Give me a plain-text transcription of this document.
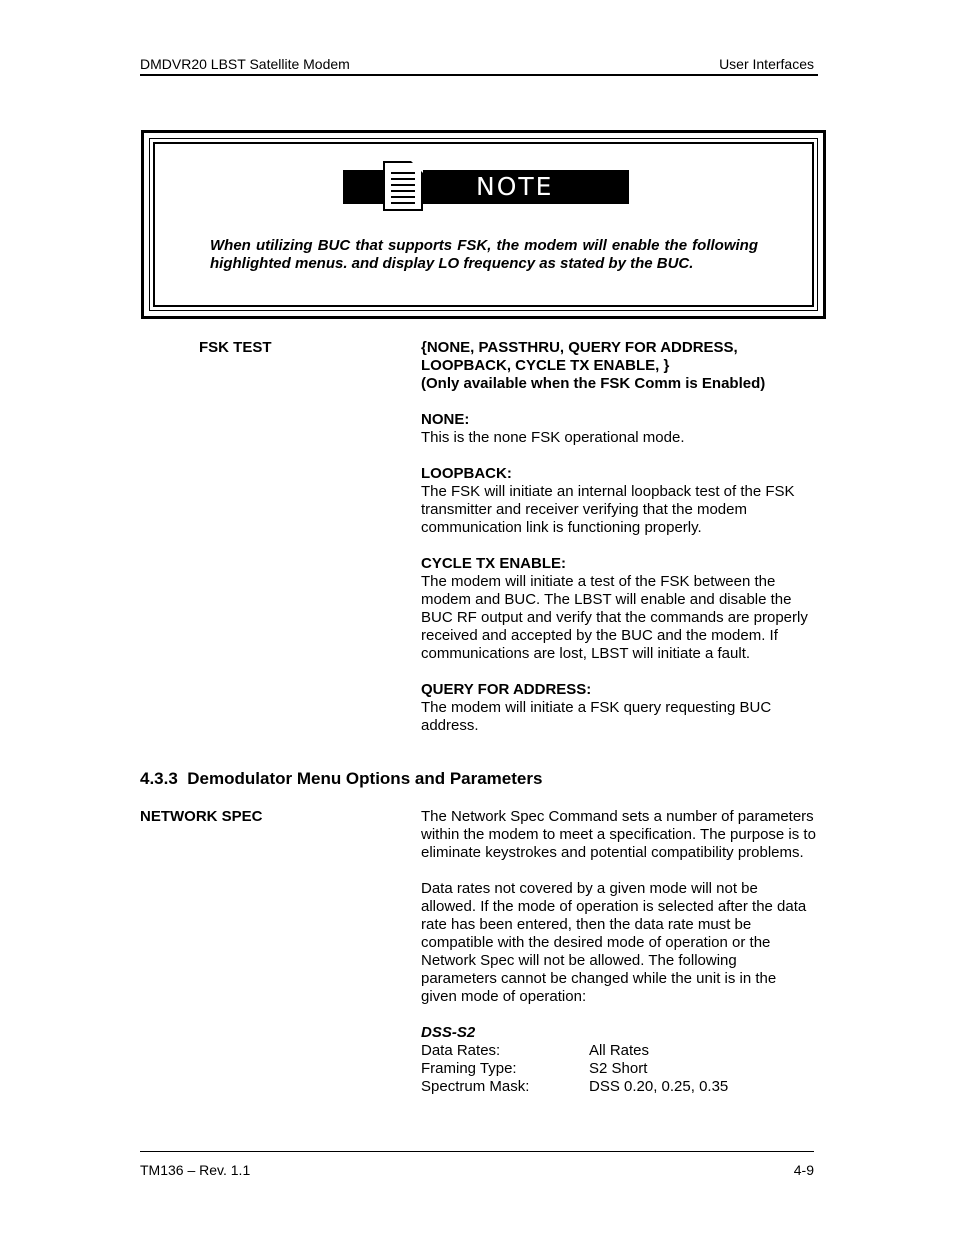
DMDVR20 LBST Satellite Modem	User Interfaces
NOTE
When utilizing BUC that supports FSK, the modem will enable the following highlighted menus. and display LO frequency as stated by the BUC.
FSK TEST	{NONE, PASSTHRU, QUERY FOR ADDRESS,
LOOPBACK, CYCLE TX ENABLE, }
(Only available when the FSK Comm is Enabled)
NONE:
This is the none FSK operational mode.
LOOPBACK:
The FSK will initiate an internal loopback test of the FSK transmitter and receiver verifying that the modem communication link is functioning properly.
CYCLE TX ENABLE:
The modem will initiate a test of the FSK between the modem and BUC. The LBST will enable and disable the BUC RF output and verify that the commands are properly received and accepted by the BUC and the modem. If communications are lost, LBST will initiate a fault.
QUERY FOR ADDRESS:
The modem will initiate a FSK query requesting BUC address.
4.3.3 Demodulator Menu Options and Parameters
NETWORK SPEC	The Network Spec Command sets a number of parameters within the modem to meet a specification. The purpose is to eliminate keystrokes and potential compatibility problems.
Data rates not covered by a given mode will not be allowed. If the mode of operation is selected after the data rate has been entered, then the data rate must be compatible with the desired mode of operation or the Network Spec will not be allowed. The following parameters cannot be changed while the unit is in the given mode of operation:
DSS-S2
Data Rates:	All Rates
Framing Type:	S2 Short
Spectrum Mask:	DSS 0.20, 0.25, 0.35
TM136 – Rev. 1.1	4-9
